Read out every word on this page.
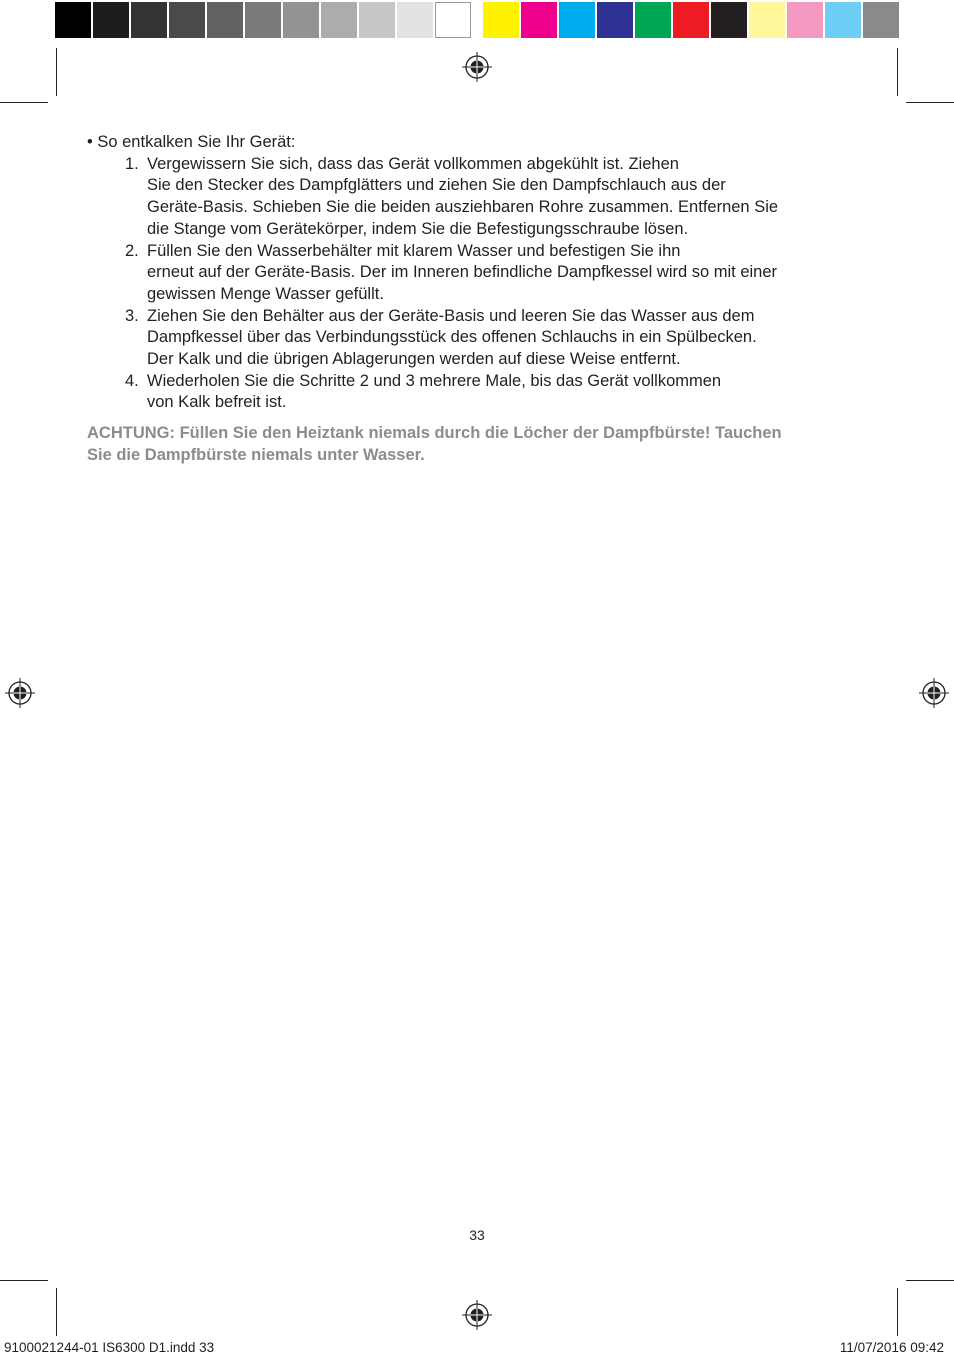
• So entkalken Sie Ihr Gerät:

1. Vergewissern Sie sich, dass das Gerät vollkommen abgekühlt ist. Ziehen
Sie den Stecker des Dampfglätters und ziehen Sie den Dampfschlauch aus der
Geräte-Basis. Schieben Sie die beiden ausziehbaren Rohre zusammen. Entfernen Sie
die Stange vom Gerätekörper, indem Sie die Befestigungsschraube lösen.
2. Füllen Sie den Wasserbehälter mit klarem Wasser und befestigen Sie ihn
erneut auf der Geräte-Basis. Der im Inneren befindliche Dampfkessel wird so mit einer
gewissen Menge Wasser gefüllt.
3. Ziehen Sie den Behälter aus der Geräte-Basis und leeren Sie das Wasser aus dem
Dampfkessel über das Verbindungsstück des offenen Schlauchs in ein Spülbecken.
Der Kalk und die übrigen Ablagerungen werden auf diese Weise entfernt.
4. Wiederholen Sie die Schritte 2 und 3 mehrere Male, bis das Gerät vollkommen
von Kalk befreit ist.
ACHTUNG: Füllen Sie den Heiztank niemals durch die Löcher der Dampfbürste! Tauchen
Sie die Dampfbürste niemals unter Wasser.
33
9100021244-01 IS6300 D1.indd 33	11/07/2016 09:42
